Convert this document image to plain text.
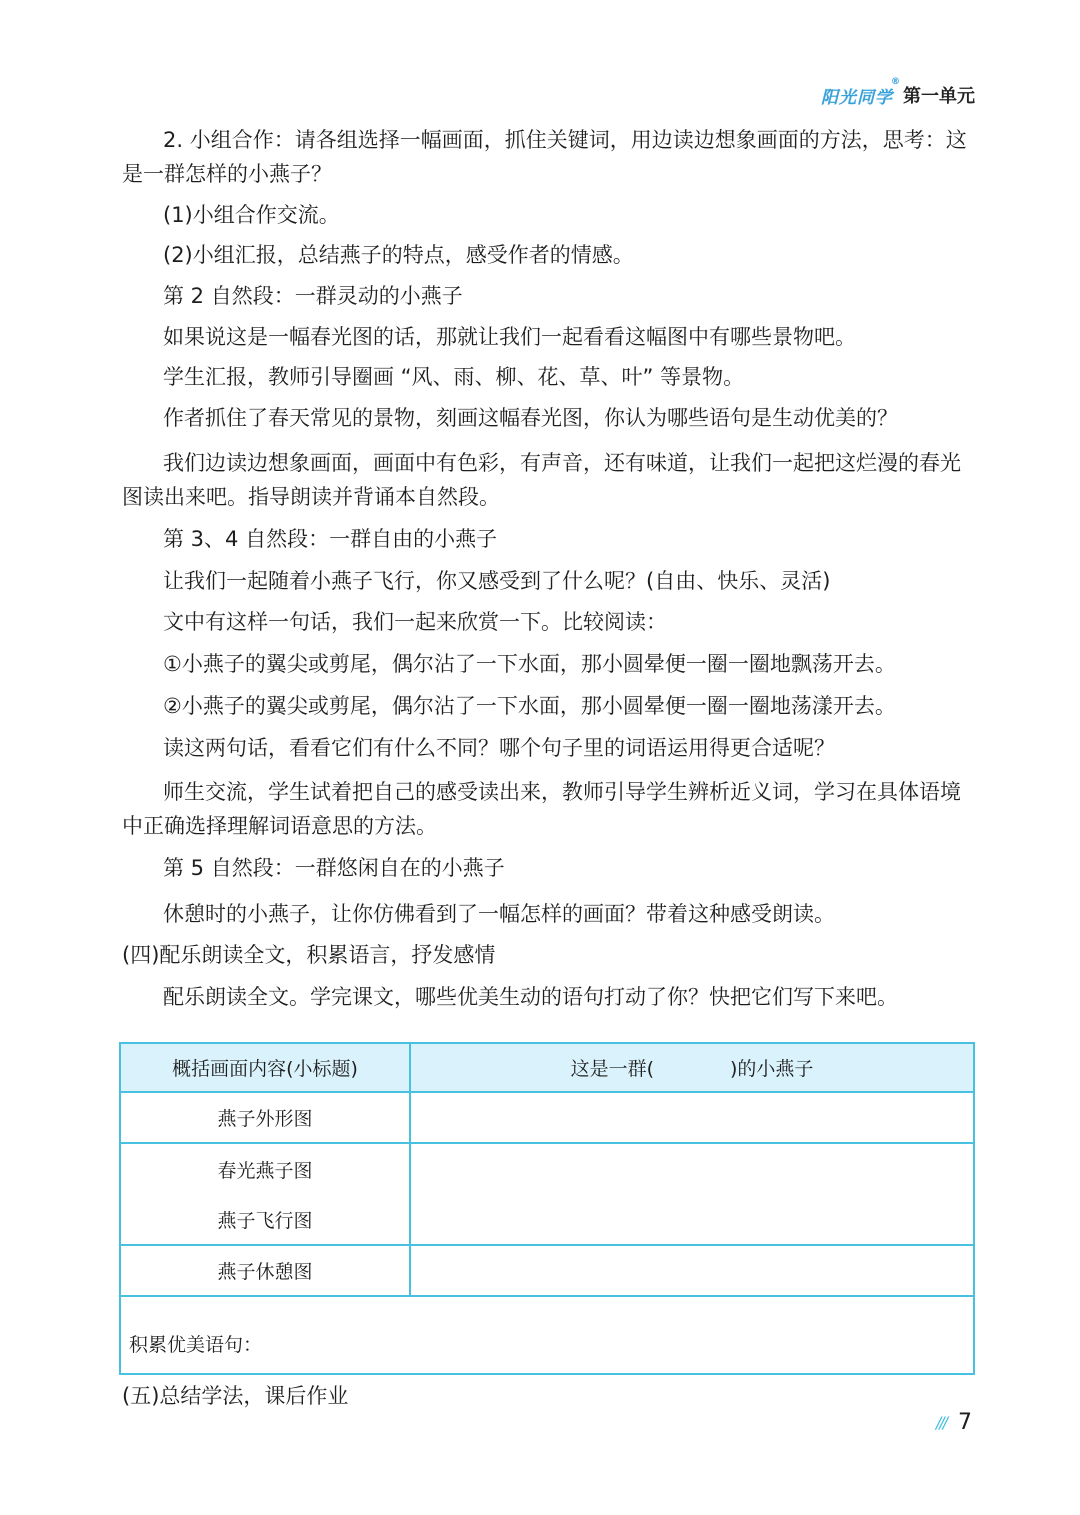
阳光同学
®
第一单元
2. 小组合作：请各组选择一幅画面，抓住关键词，用边读边想象画面的方法，思考：这是一群怎样的小燕子？
(1)小组合作交流。
(2)小组汇报，总结燕子的特点，感受作者的情感。
第 2 自然段：一群灵动的小燕子
如果说这是一幅春光图的话，那就让我们一起看看这幅图中有哪些景物吧。
学生汇报，教师引导圈画 “风、雨、柳、花、草、叶” 等景物。
作者抓住了春天常见的景物，刻画这幅春光图，你认为哪些语句是生动优美的？
我们边读边想象画面，画面中有色彩，有声音，还有味道，让我们一起把这烂漫的春光图读出来吧。指导朗读并背诵本自然段。
第 3、4 自然段：一群自由的小燕子
让我们一起随着小燕子飞行，你又感受到了什么呢？(自由、快乐、灵活)
文中有这样一句话，我们一起来欣赏一下。比较阅读：
①小燕子的翼尖或剪尾，偶尔沾了一下水面，那小圆晕便一圈一圈地飘荡开去。
②小燕子的翼尖或剪尾，偶尔沾了一下水面，那小圆晕便一圈一圈地荡漾开去。
读这两句话，看看它们有什么不同？哪个句子里的词语运用得更合适呢？
师生交流，学生试着把自己的感受读出来，教师引导学生辨析近义词，学习在具体语境中正确选择理解词语意思的方法。
第 5 自然段：一群悠闲自在的小燕子
休憩时的小燕子，让你仿佛看到了一幅怎样的画面？带着这种感受朗读。
(四)配乐朗读全文，积累语言，抒发感情
配乐朗读全文。学完课文，哪些优美生动的语句打动了你？快把它们写下来吧。
概括画面内容(小标题)	这是一群(　　　　)的小燕子
燕子外形图	

春光燕子图
燕子飞行图	

燕子休憩图	

积累优美语句：	
(五)总结学法，课后作业
/// 7
